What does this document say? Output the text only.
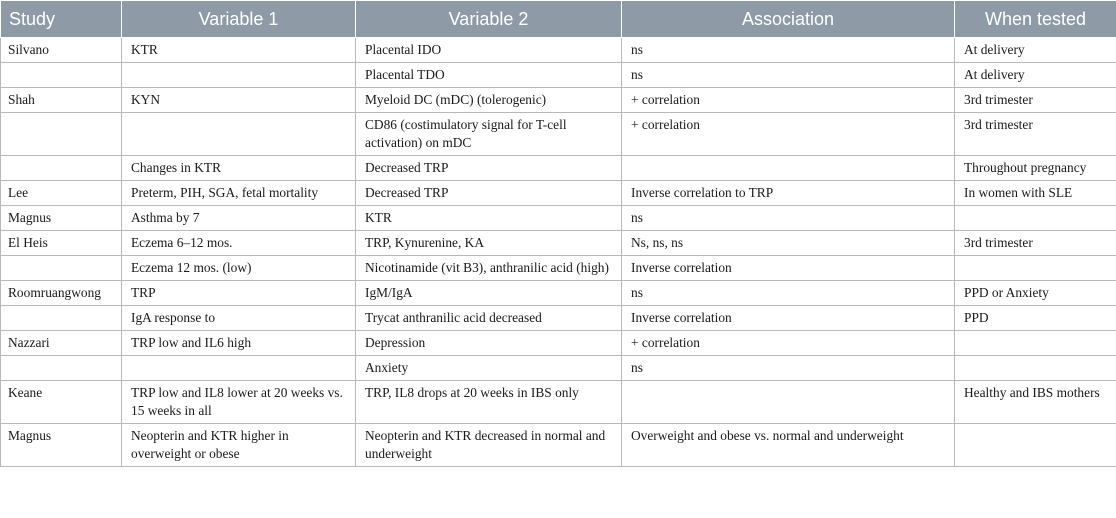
Study	Variable 1	Variable 2	Association	When tested
Silvano	KTR	Placental IDO	ns	At delivery
		Placental TDO	ns	At delivery
Shah	KYN	Myeloid DC (mDC) (tolerogenic)	+ correlation	3rd trimester
		CD86 (costimulatory signal for T-cell activation) on mDC	+ correlation	3rd trimester
	Changes in KTR	Decreased TRP		Throughout pregnancy
Lee	Preterm, PIH, SGA, fetal mortality	Decreased TRP	Inverse correlation to TRP	In women with SLE
Magnus	Asthma by 7	KTR	ns	
El Heis	Eczema 6–12 mos.	TRP, Kynurenine, KA	Ns, ns, ns	3rd trimester
	Eczema 12 mos. (low)	Nicotinamide (vit B3), anthranilic acid (high)	Inverse correlation	
Roomruangwong	TRP	IgM/IgA	ns	PPD or Anxiety
	IgA response to	Trycat anthranilic acid decreased	Inverse correlation	PPD
Nazzari	TRP low and IL6 high	Depression	+ correlation	
		Anxiety	ns	
Keane	TRP low and IL8 lower at 20 weeks vs. 15 weeks in all	TRP, IL8 drops at 20 weeks in IBS only		Healthy and IBS mothers
Magnus	Neopterin and KTR higher in overweight or obese	Neopterin and KTR decreased in normal and underweight	Overweight and obese vs. normal and underweight	
